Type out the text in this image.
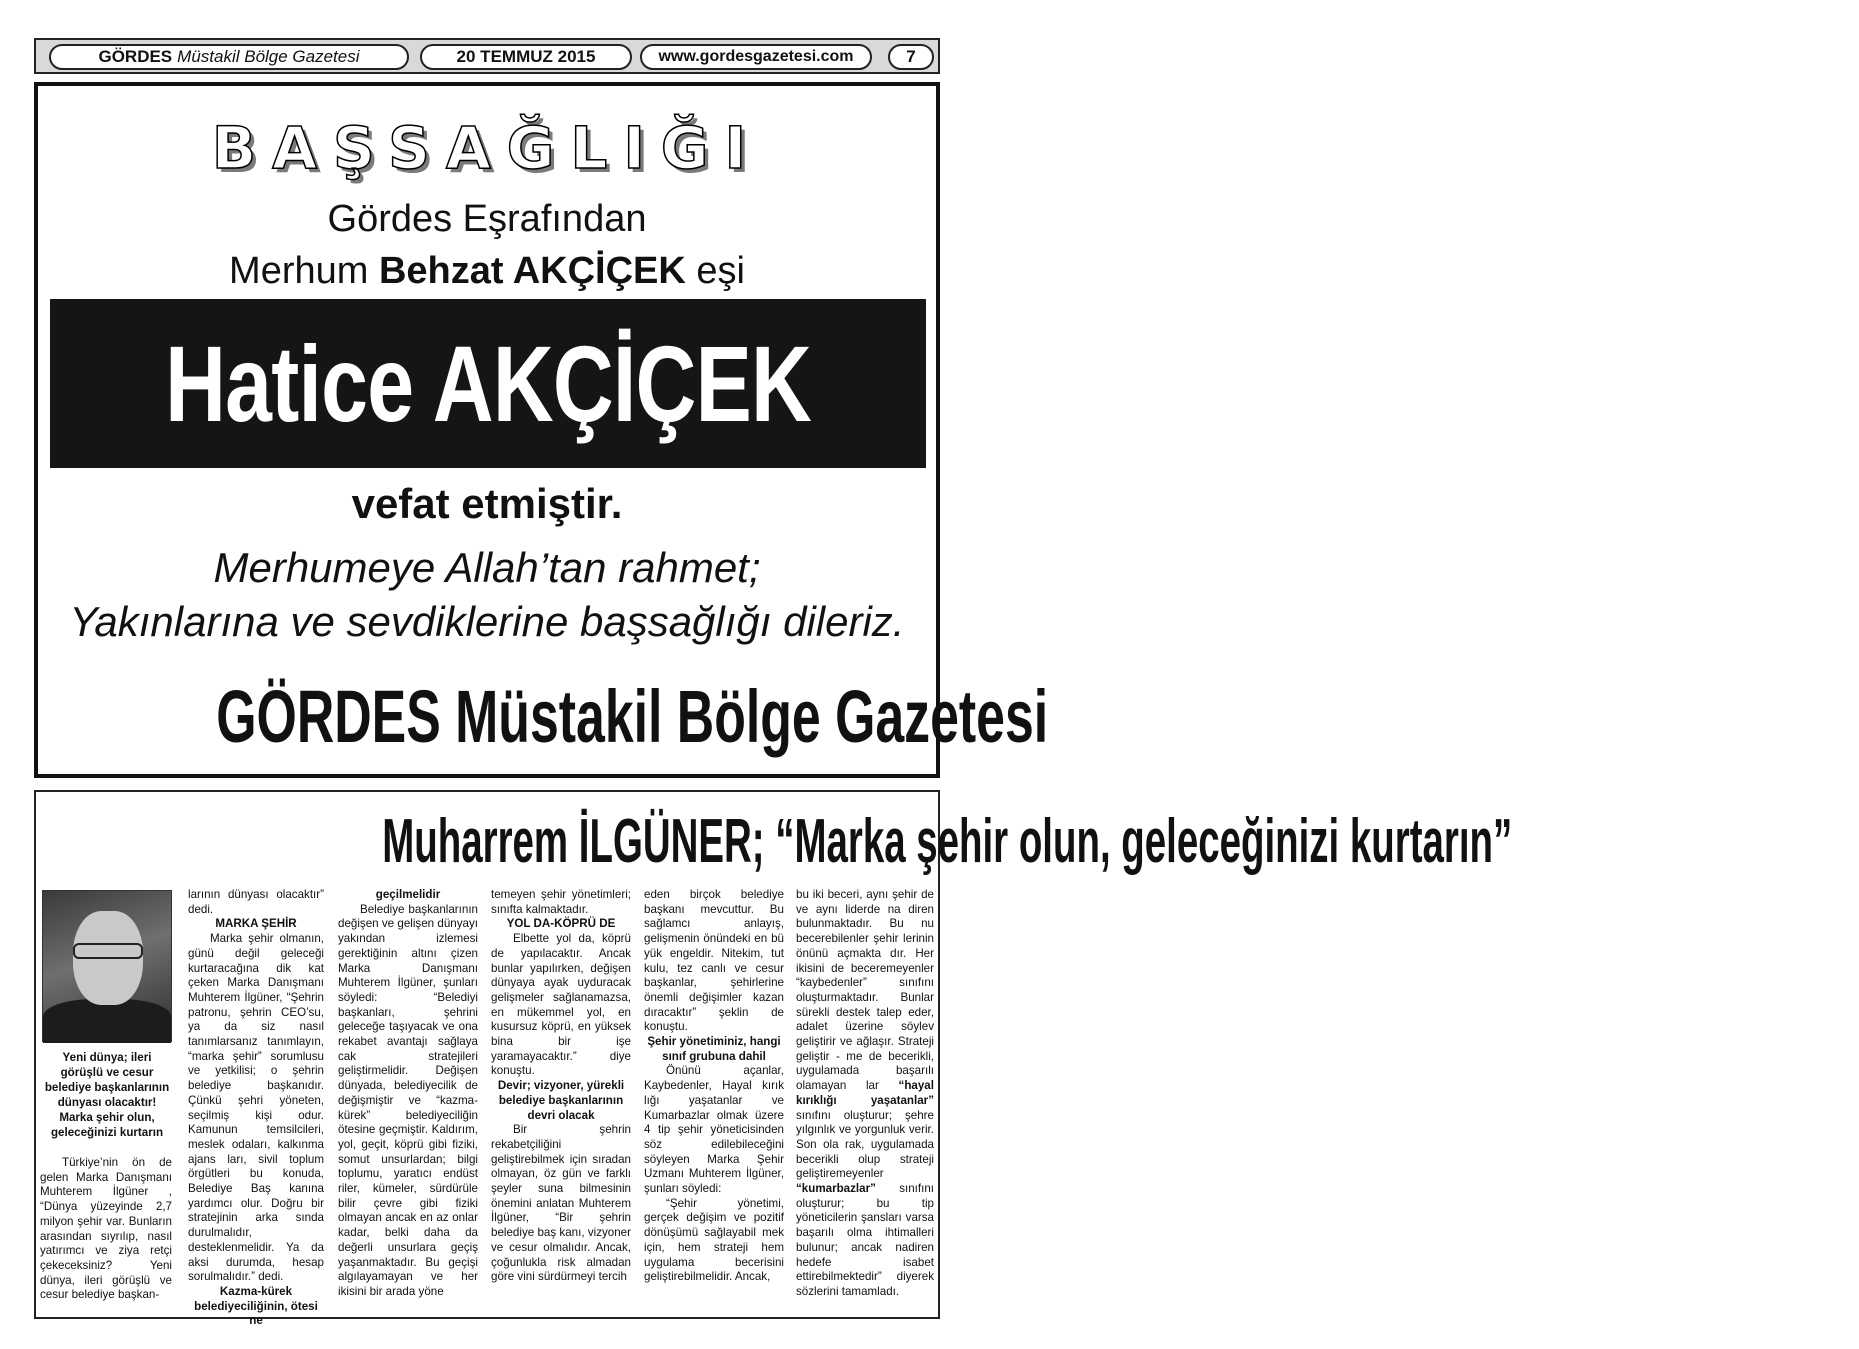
GÖRDES Müstakil Bölge Gazetesi	20 TEMMUZ 2015	www.gordesgazetesi.com	7
BAŞSAĞLIĞI
Gördes Eşrafından
Merhum Behzat AKÇİÇEK eşi
Hatice AKÇİÇEK
vefat etmiştir.
Merhumeye Allah’tan rahmet;
Yakınlarına ve sevdiklerine başsağlığı dileriz.
GÖRDES Müstakil Bölge Gazetesi
Muharrem İLGÜNER; “Marka şehir olun, geleceğinizi kurtarın”
Yeni dünya; ileri görüşlü ve cesur belediye başkanlarının dünyası olacaktır! Marka şehir olun, geleceğinizi kurtarın

Türkiye’nin ön de gelen Marka Danışmanı Muhterem İlgüner , “Dünya yüzeyinde 2,7 milyon şehir var. Bunların arasından sıyrılıp, nasıl yatırımcı ve ziya retçi çekeceksiniz? Yeni dünya, ileri görüşlü ve cesur belediye başkan-

larının dünyası olacaktır” dedi.

MARKA ŞEHİR

Marka şehir olmanın, günü değil geleceği kurtaracağına dik kat çeken Marka Danışmanı Muhterem İlgüner, “Şehrin patronu, şehrin CEO’su, ya da siz nasıl tanımlarsanız tanımlayın, “marka şehir” sorumlusu ve yetkilisi; o şehrin belediye başkanıdır. Çünkü şehri yöneten, seçilmiş kişi odur. Kamunun temsilcileri, meslek odaları, kalkınma ajans ları, sivil toplum örgütleri bu konuda, Belediye Baş kanına yardımcı olur. Doğru bir stratejinin arka sında durulmalıdır, desteklenmelidir. Ya da aksi durumda, hesap sorulmalıdır.” dedi.

Kazma-kürek belediyeciliğinin, ötesi ne

geçilmelidir

Belediye başkanlarının değişen ve gelişen dünyayı yakından izlemesi gerektiğinin altını çizen Marka Danışmanı Muhterem İlgüner, şunları söyledi: “Belediyi başkanları, şehrini geleceğe taşıyacak ve ona rekabet avantajı sağlaya cak stratejileri geliştirmelidir. Değişen dünyada, belediyecilik de değişmiştir ve “kazma-kürek” belediyeciliğin ötesine geçmiştir. Kaldırım, yol, geçit, köprü gibi fiziki, somut unsurlardan; bilgi toplumu, yaratıcı endüst riler, kümeler, sürdürüle bilir çevre gibi fiziki olmayan ancak en az onlar kadar, belki daha da değerli unsurlara geçiş yaşanmaktadır. Bu geçişi algılayamayan ve her ikisini bir arada yöne

temeyen şehir yönetimleri; sınıfta kalmaktadır.

YOL DA-KÖPRÜ DE

Elbette yol da, köprü de yapılacaktır. Ancak bunlar yapılırken, değişen dünyaya ayak uyduracak gelişmeler sağlanamazsa, en mükemmel yol, en kusursuz köprü, en yüksek bina bir işe yaramayacaktır.” diye konuştu.

Devir; vizyoner, yürekli belediye başkanlarının devri olacak

Bir şehrin rekabetçiliğini geliştirebilmek için sıradan olmayan, öz gün ve farklı şeyler suna bilmesinin önemini anlatan Muhterem İlgüner, “Bir şehrin belediye baş kanı, vizyoner ve cesur olmalıdır. Ancak, çoğunlukla risk almadan göre vini sürdürmeyi tercih

eden birçok belediye başkanı mevcuttur. Bu sağlamcı anlayış, gelişmenin önündeki en bü yük engeldir. Nitekim, tut kulu, tez canlı ve cesur başkanlar, şehirlerine önemli değişimler kazan dıracaktır” şeklin de konuştu.

Şehir yönetiminiz, hangi sınıf grubuna dahil

Önünü açanlar, Kaybedenler, Hayal kırık lığı yaşatanlar ve Kumarbazlar olmak üzere 4 tip şehir yöneticisinden söz edilebileceğini söyleyen Marka Şehir Uzmanı Muhterem İlgüner, şunları söyledi:

“Şehir yönetimi, gerçek değişim ve pozitif dönüşümü sağlayabil mek için, hem strateji hem uygulama becerisini geliştirebilmelidir. Ancak,

bu iki beceri, aynı şehir de ve aynı liderde na diren bulunmaktadır. Bu nu becerebilenler şehir lerinin önünü açmakta dır. Her ikisini de beceremeyenler “kaybedenler” sınıfını oluşturmaktadır. Bunlar sürekli destek talep eder, adalet üzerine söylev geliştirir ve ağlaşır. Strateji geliştir - me de becerikli, uygulamada başarılı olamayan lar “hayal kırıklığı yaşatanlar” sınıfını oluşturur; şehre yılgınlık ve yorgunluk verir. Son ola rak, uygulamada becerikli olup strateji geliştiremeyenler “kumarbazlar” sınıfını oluşturur; bu tip yöneticilerin şansları varsa başarılı olma ihtimalleri bulunur; ancak nadiren hedefe isabet ettirebilmektedir” diyerek sözlerini tamamladı.
